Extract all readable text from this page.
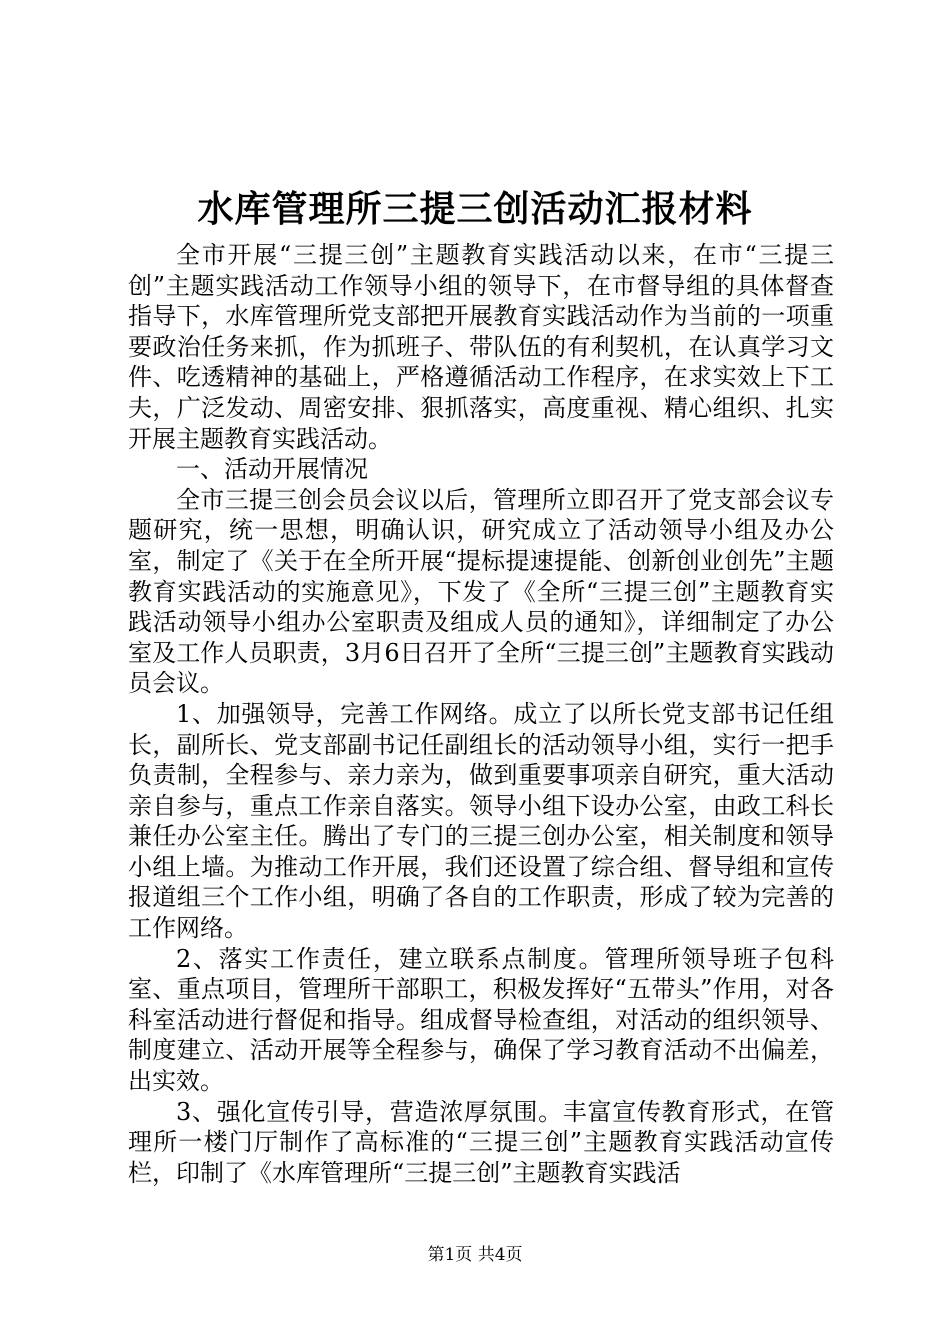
水库管理所三提三创活动汇报材料

全市开展“三提三创”主题教育实践活动以来，在市“三提三创”主题实践活动工作领导小组的领导下，在市督导组的具体督查指导下，水库管理所党支部把开展教育实践活动作为当前的一项重要政治任务来抓，作为抓班子、带队伍的有利契机，在认真学习文件、吃透精神的基础上，严格遵循活动工作程序，在求实效上下工夫，广泛发动、周密安排、狠抓落实，高度重视、精心组织、扎实开展主题教育实践活动。

一、活动开展情况

全市三提三创会员会议以后，管理所立即召开了党支部会议专题研究，统一思想，明确认识，研究成立了活动领导小组及办公室，制定了《关于在全所开展“提标提速提能、创新创业创先”主题教育实践活动的实施意见》，下发了《全所“三提三创”主题教育实践活动领导小组办公室职责及组成人员的通知》，详细制定了办公室及工作人员职责，3月6日召开了全所“三提三创”主题教育实践动员会议。

1、加强领导，完善工作网络。成立了以所长党支部书记任组长，副所长、党支部副书记任副组长的活动领导小组，实行一把手负责制，全程参与、亲力亲为，做到重要事项亲自研究，重大活动亲自参与，重点工作亲自落实。领导小组下设办公室，由政工科长兼任办公室主任。腾出了专门的三提三创办公室，相关制度和领导小组上墙。为推动工作开展，我们还设置了综合组、督导组和宣传报道组三个工作小组，明确了各自的工作职责，形成了较为完善的工作网络。

2、落实工作责任，建立联系点制度。管理所领导班子包科室、重点项目，管理所干部职工，积极发挥好“五带头”作用，对各科室活动进行督促和指导。组成督导检查组，对活动的组织领导、制度建立、活动开展等全程参与，确保了学习教育活动不出偏差，出实效。

3、强化宣传引导，营造浓厚氛围。丰富宣传教育形式，在管理所一楼门厅制作了高标准的“三提三创”主题教育实践活动宣传栏，印制了《水库管理所“三提三创”主题教育实践活

第1页 共4页
